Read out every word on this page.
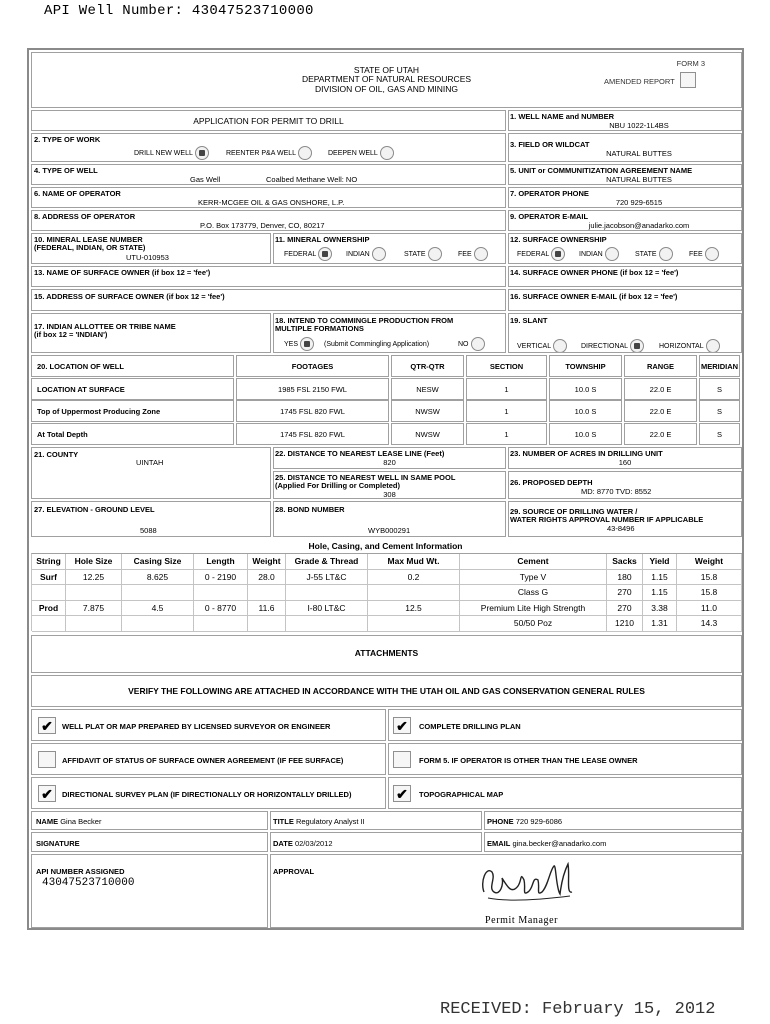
API Well Number: 43047523710000
FORM 3
STATE OF UTAH
DEPARTMENT OF NATURAL RESOURCES
DIVISION OF OIL, GAS AND MINING
AMENDED REPORT
APPLICATION FOR PERMIT TO DRILL	1. WELL NAME and NUMBER
NBU 1022-1L4BS
2. TYPE OF WORK
DRILL NEW WELL	REENTER P&A WELL	DEEPEN WELL
3. FIELD OR WILDCAT
NATURAL BUTTES
4. TYPE OF WELL
Gas Well	Coalbed Methane Well: NO
5. UNIT or COMMUNITIZATION AGREEMENT NAME
NATURAL BUTTES
6. NAME OF OPERATOR
KERR-MCGEE OIL & GAS ONSHORE, L.P.
7. OPERATOR PHONE
720 929-6515
8. ADDRESS OF OPERATOR
P.O. Box 173779, Denver, CO, 80217
9. OPERATOR E-MAIL
julie.jacobson@anadarko.com
10. MINERAL LEASE NUMBER
(FEDERAL, INDIAN, OR STATE)
UTU-010953
11. MINERAL OWNERSHIP
FEDERAL	INDIAN	STATE	FEE
12. SURFACE OWNERSHIP
FEDERAL	INDIAN	STATE	FEE
13. NAME OF SURFACE OWNER (if box 12 = 'fee')	14. SURFACE OWNER PHONE (if box 12 = 'fee')
15. ADDRESS OF SURFACE OWNER (if box 12 = 'fee')	16. SURFACE OWNER E-MAIL (if box 12 = 'fee')
17. INDIAN ALLOTTEE OR TRIBE NAME
(if box 12 = 'INDIAN')
18. INTEND TO COMMINGLE PRODUCTION FROM
MULTIPLE FORMATIONS
YES	(Submit Commingling Application)	NO
19. SLANT
VERTICAL	DIRECTIONAL	HORIZONTAL
20. LOCATION OF WELL	FOOTAGES	QTR-QTR	SECTION	TOWNSHIP	RANGE	MERIDIAN
LOCATION AT SURFACE	1985 FSL 2150 FWL	NESW	1	10.0 S	22.0 E	S
Top of Uppermost Producing Zone	1745 FSL 820 FWL	NWSW	1	10.0 S	22.0 E	S
At Total Depth	1745 FSL 820 FWL	NWSW	1	10.0 S	22.0 E	S
21. COUNTY
UINTAH
22. DISTANCE TO NEAREST LEASE LINE (Feet)
820
23. NUMBER OF ACRES IN DRILLING UNIT
160
25. DISTANCE TO NEAREST WELL IN SAME POOL
(Applied For Drilling or Completed)
308
26. PROPOSED DEPTH
MD: 8770 TVD: 8552
27. ELEVATION - GROUND LEVEL
5088
28. BOND NUMBER
WYB000291
29. SOURCE OF DRILLING WATER /
WATER RIGHTS APPROVAL NUMBER IF APPLICABLE
43-8496
Hole, Casing, and Cement Information
String	Hole Size	Casing Size	Length	Weight	Grade & Thread	Max Mud Wt.	Cement	Sacks	Yield	Weight
Surf	12.25	8.625	0 - 2190	28.0	J-55 LT&C	0.2	Type V	180	1.15	15.8
Class G	270	1.15	15.8
Prod	7.875	4.5	0 - 8770	11.6	I-80 LT&C	12.5	Premium Lite High Strength	270	3.38	11.0
50/50 Poz	1210	1.31	14.3
ATTACHMENTS
VERIFY THE FOLLOWING ARE ATTACHED IN ACCORDANCE WITH THE UTAH OIL AND GAS CONSERVATION GENERAL RULES
✔	WELL PLAT OR MAP PREPARED BY LICENSED SURVEYOR OR ENGINEER	✔	COMPLETE DRILLING PLAN
AFFIDAVIT OF STATUS OF SURFACE OWNER AGREEMENT (IF FEE SURFACE)	FORM 5. IF OPERATOR IS OTHER THAN THE LEASE OWNER
✔	DIRECTIONAL SURVEY PLAN (IF DIRECTIONALLY OR HORIZONTALLY DRILLED)	✔	TOPOGRAPHICAL MAP
NAME Gina Becker	TITLE Regulatory Analyst II	PHONE 720 929-6086
SIGNATURE	DATE 02/03/2012	EMAIL gina.becker@anadarko.com
API NUMBER ASSIGNED
43047523710000
APPROVAL
Permit Manager
RECEIVED: February 15, 2012
